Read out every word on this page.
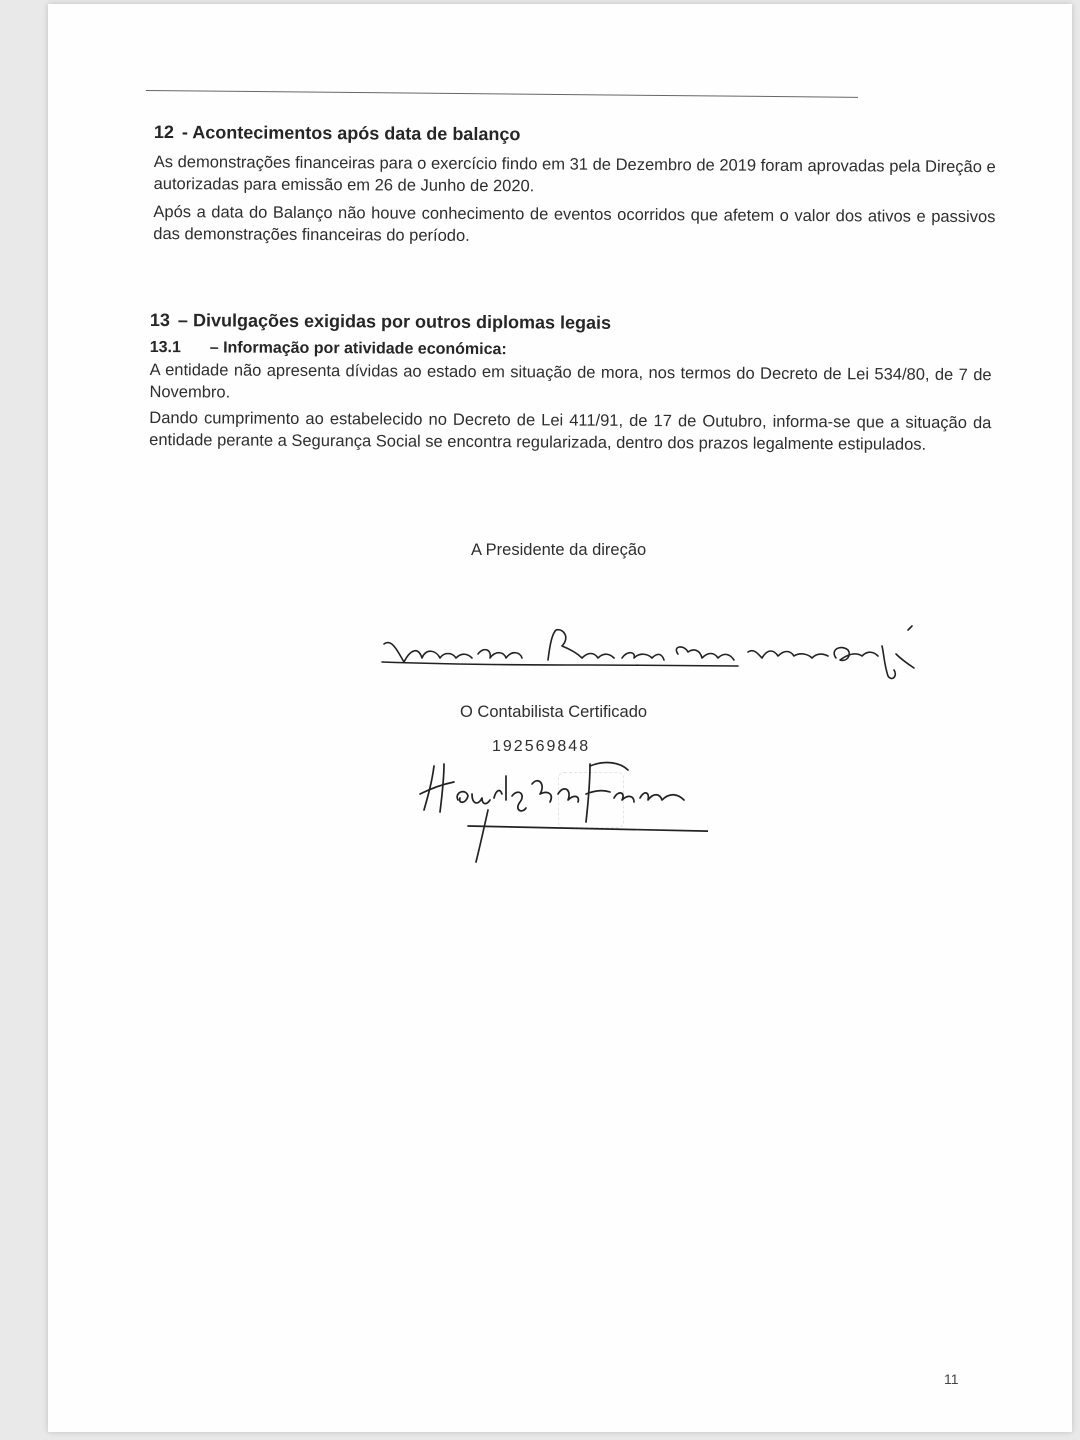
12 - Acontecimentos após data de balanço

As demonstrações financeiras para o exercício findo em 31 de Dezembro de 2019 foram aprovadas pela Direção e autorizadas para emissão em 26 de Junho de 2020.

Após a data do Balanço não houve conhecimento de eventos ocorridos que afetem o valor dos ativos e passivos das demonstrações financeiras do período.

13 – Divulgações exigidas por outros diplomas legais
13.1 – Informação por atividade económica:

A entidade não apresenta dívidas ao estado em situação de mora, nos termos do Decreto de Lei 534/80, de 7 de Novembro.

Dando cumprimento ao estabelecido no Decreto de Lei 411/91, de 17 de Outubro, informa-se que a situação da entidade perante a Segurança Social se encontra regularizada, dentro dos prazos legalmente estipulados.

A Presidente da direção
O Contabilista Certificado
192569848
11
